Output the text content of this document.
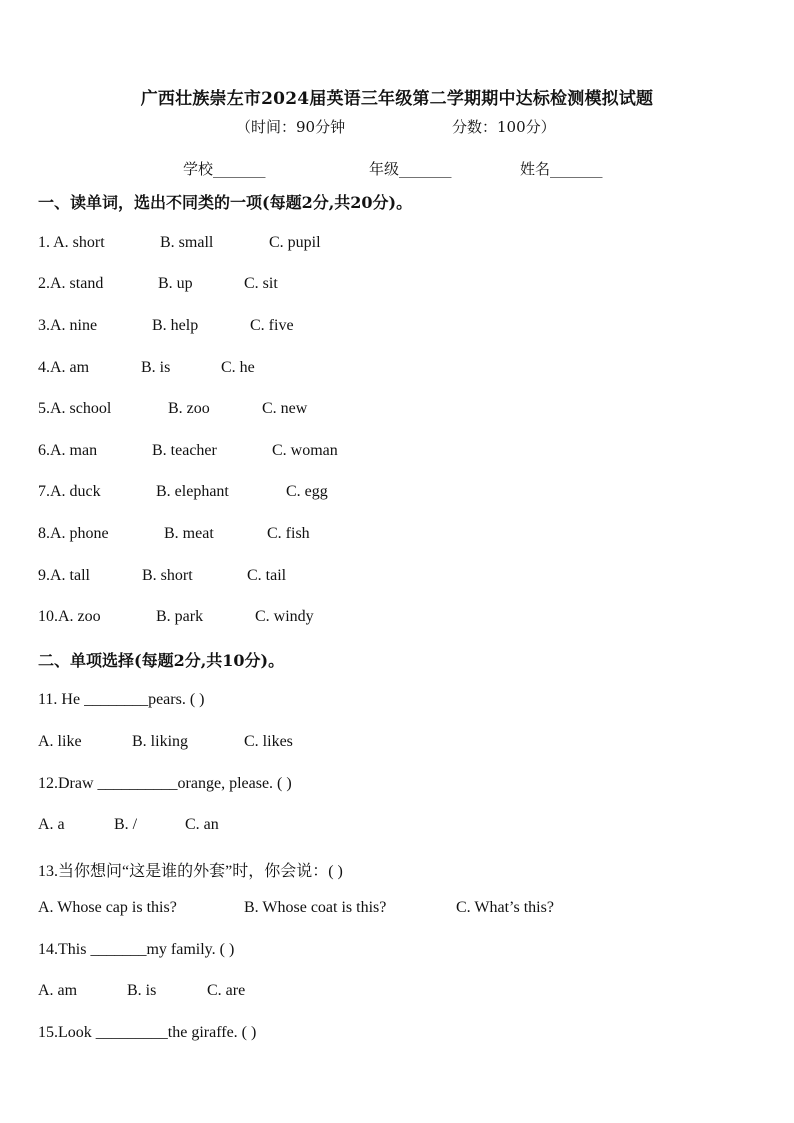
广西壮族崇左市2024届英语三年级第二学期期中达标检测模拟试题
（时间：90分钟	分数：100分）
学校_______	年级_______	姓名_______
一、读单词，选出不同类的一项(每题2分,共20分)。
1. A. short	B. small	C. pupil
2.A. stand	B. up	C. sit
3.A. nine	B. help	C. five
4.A. am	B. is	C. he
5.A. school	B. zoo	C. new
6.A. man	B. teacher	C. woman
7.A. duck	B. elephant	C. egg
8.A. phone	B. meat	C. fish
9.A. tall	B. short	C. tail
10.A. zoo	B. park	C. windy
二、单项选择(每题2分,共10分)。
11. He ________pears. ( )
A. like	B. liking	C. likes
12.Draw __________orange, please. ( )
A. a	B. /	C. an
13.当你想问“这是谁的外套”时，你会说：( )
A. Whose cap is this?	B. Whose coat is this?	C. What’s this?
14.This _______my family. ( )
A. am	B. is	C. are
15.Look _________the giraffe. ( )
